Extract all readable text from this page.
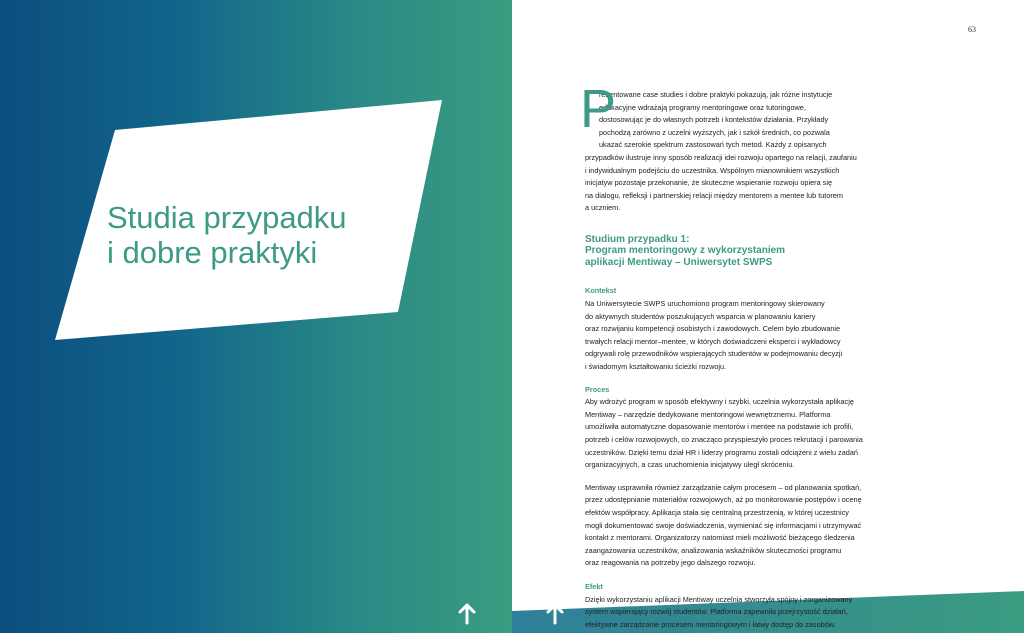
Studia przypadku
i dobre praktyki
63
P
rezentowane case studies i dobre praktyki pokazują, jak różne instytucje
edukacyjne wdrażają programy mentoringowe oraz tutoringowe,
dostosowując je do własnych potrzeb i kontekstów działania. Przykłady
pochodzą zarówno z uczelni wyższych, jak i szkół średnich, co pozwala
ukazać szerokie spektrum zastosowań tych metod. Każdy z opisanych
przypadków ilustruje inny sposób realizacji idei rozwoju opartego na relacji, zaufaniu
i indywidualnym podejściu do uczestnika. Wspólnym mianownikiem wszystkich
inicjatyw pozostaje przekonanie, że skuteczne wspieranie rozwoju opiera się
na dialogu, refleksji i partnerskiej relacji między mentorem a mentee lub tutorem
a uczniem.
Studium przypadku 1:
Program mentoringowy z wykorzystaniem
aplikacji Mentiway – Uniwersytet SWPS
Kontekst
Na Uniwersytecie SWPS uruchomiono program mentoringowy skierowany
do aktywnych studentów poszukujących wsparcia w planowaniu kariery
oraz rozwijaniu kompetencji osobistych i zawodowych. Celem było zbudowanie
trwałych relacji mentor–mentee, w których doświadczeni eksperci i wykładowcy
odgrywali rolę przewodników wspierających studentów w podejmowaniu decyzji
i świadomym kształtowaniu ścieżki rozwoju.
Proces
Aby wdrożyć program w sposób efektywny i szybki, uczelnia wykorzystała aplikację
Mentiway – narzędzie dedykowane mentoringowi wewnętrznemu. Platforma
umożliwiła automatyczne dopasowanie mentorów i mentee na podstawie ich profili,
potrzeb i celów rozwojowych, co znacząco przyspieszyło proces rekrutacji i parowania
uczestników. Dzięki temu dział HR i liderzy programu zostali odciążeni z wielu zadań
organizacyjnych, a czas uruchomienia inicjatywy uległ skróceniu.
Mentiway usprawniła również zarządzanie całym procesem – od planowania spotkań,
przez udostępnianie materiałów rozwojowych, aż po monitorowanie postępów i ocenę
efektów współpracy. Aplikacja stała się centralną przestrzenią, w której uczestnicy
mogli dokumentować swoje doświadczenia, wymieniać się informacjami i utrzymywać
kontakt z mentorami. Organizatorzy natomiast mieli możliwość bieżącego śledzenia
zaangażowania uczestników, analizowania wskaźników skuteczności programu
oraz reagowania na potrzeby jego dalszego rozwoju.
Efekt
Dzięki wykorzystaniu aplikacji Mentiway uczelnia stworzyła spójny i zorganizowany
system wspierający rozwój studentów. Platforma zapewniła przejrzystość działań,
efektywne zarządzanie procesem mentoringowym i łatwy dostęp do zasobów.
